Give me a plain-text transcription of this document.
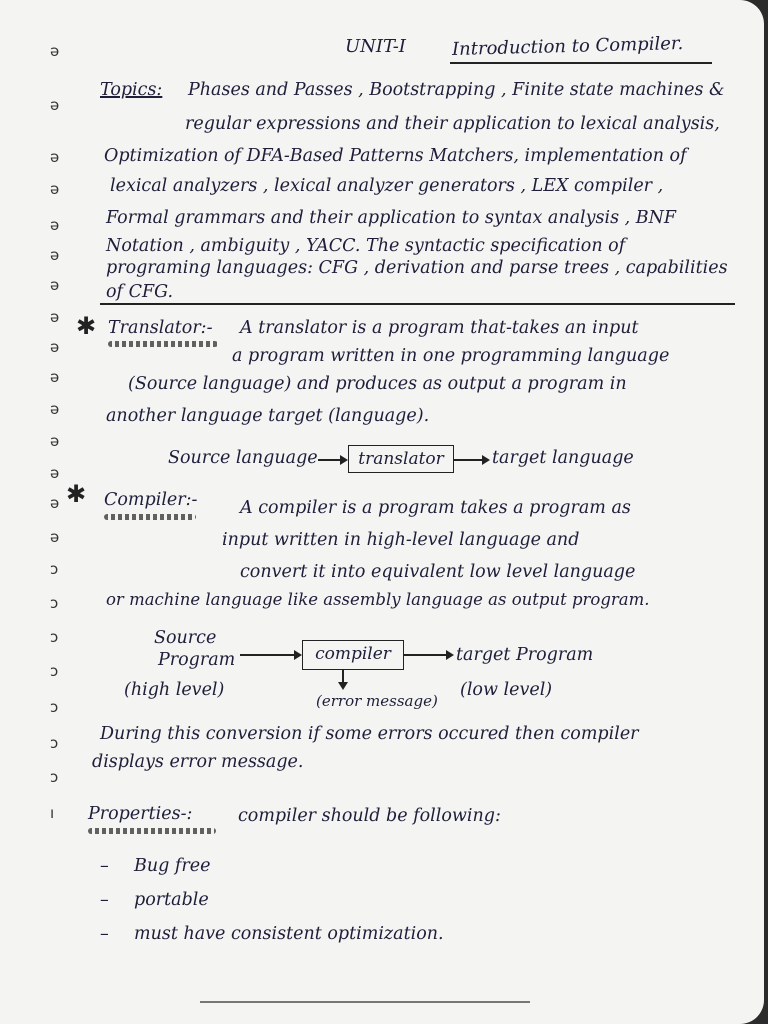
ə
ə
ə
ə
ə
ə
ə
ə
ə
ə
ə
ə
ə
ə
ə
ɔ
ɔ
ɔ
ɔ
ɔ
ɔ
ɔ
ı
UNIT-I	Introduction to Compiler.
Topics: Phases and Passes , Bootstrapping , Finite state machines &
regular expressions and their application to lexical analysis,
Optimization of DFA-Based Patterns Matchers, implementation of
lexical analyzers , lexical analyzer generators , LEX compiler ,
Formal grammars and their application to syntax analysis , BNF
Notation , ambiguity , YACC. The syntactic specification of
programing languages: CFG , derivation and parse trees , capabilities
of CFG.
✱ Translator:- A translator is a program that-takes an input
a program written in one programming language
(Source language) and produces as output a program in
another language target (language).
Source language	translator	target language
✱ Compiler:- A compiler is a program takes a program as
input written in high-level language and
convert it into equivalent low level language
or machine language like assembly language as output program.
Source
Program
(high level)
compiler	target Program
(low level)
(error message)
During this conversion if some errors occured then compiler
displays error message.
Properties-:	compiler should be following:
– Bug free
– portable
– must have consistent optimization.
